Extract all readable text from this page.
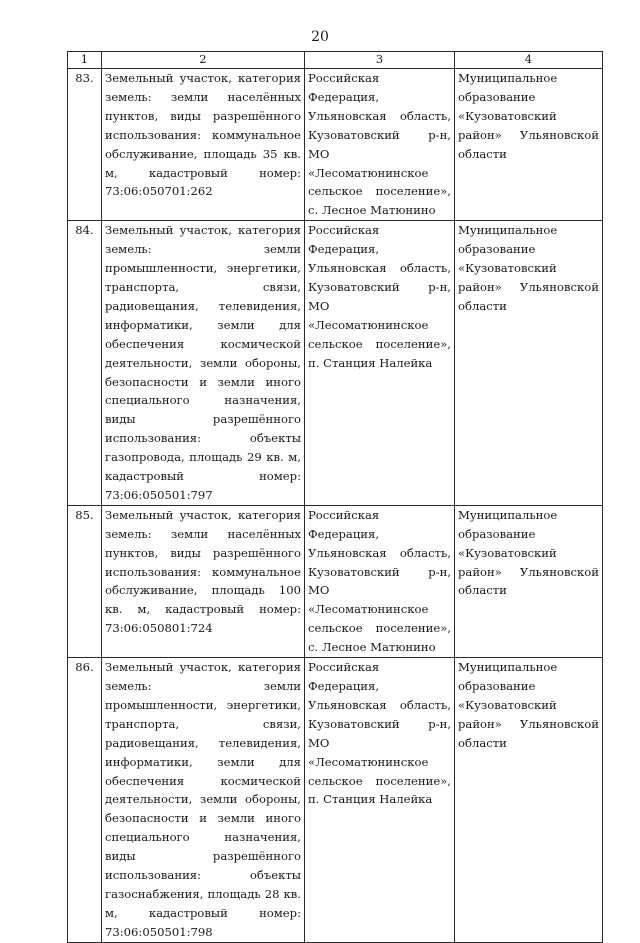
20
1	2	3	4
83.	Земельный участок, категория земель: земли населённых пунктов, виды разрешённого использования: коммунальное обслуживание, площадь 35 кв. м, кадастровый номер: 73:06:050701:262	Российская Федерация, Ульяновская область, Кузоватовский р-н, МО «Лесоматюнинское сельское поселение», с. Лесное Матюнино	Муниципальное образование «Кузоватовский район» Ульяновской области
84.	Земельный участок, категория земель: земли промышленности, энергетики, транспорта, связи, радиовещания, телевидения, информатики, земли для обеспечения космической деятельности, земли обороны, безопасности и земли иного специального назначения, виды разрешённого использования: объекты газопровода, площадь 29 кв. м, кадастровый номер: 73:06:050501:797	Российская Федерация, Ульяновская область, Кузоватовский р-н, МО «Лесоматюнинское сельское поселение», п. Станция Налейка	Муниципальное образование «Кузоватовский район» Ульяновской области
85.	Земельный участок, категория земель: земли населённых пунктов, виды разрешённого использования: коммунальное обслуживание, площадь 100 кв. м, кадастровый номер: 73:06:050801:724	Российская Федерация, Ульяновская область, Кузоватовский р-н, МО «Лесоматюнинское сельское поселение», с. Лесное Матюнино	Муниципальное образование «Кузоватовский район» Ульяновской области
86.	Земельный участок, категория земель: земли промышленности, энергетики, транспорта, связи, радиовещания, телевидения, информатики, земли для обеспечения космической деятельности, земли обороны, безопасности и земли иного специального назначения, виды разрешённого использования: объекты газоснабжения, площадь 28 кв. м, кадастровый номер: 73:06:050501:798	Российская Федерация, Ульяновская область, Кузоватовский р-н, МО «Лесоматюнинское сельское поселение», п. Станция Налейка	Муниципальное образование «Кузоватовский район» Ульяновской области
